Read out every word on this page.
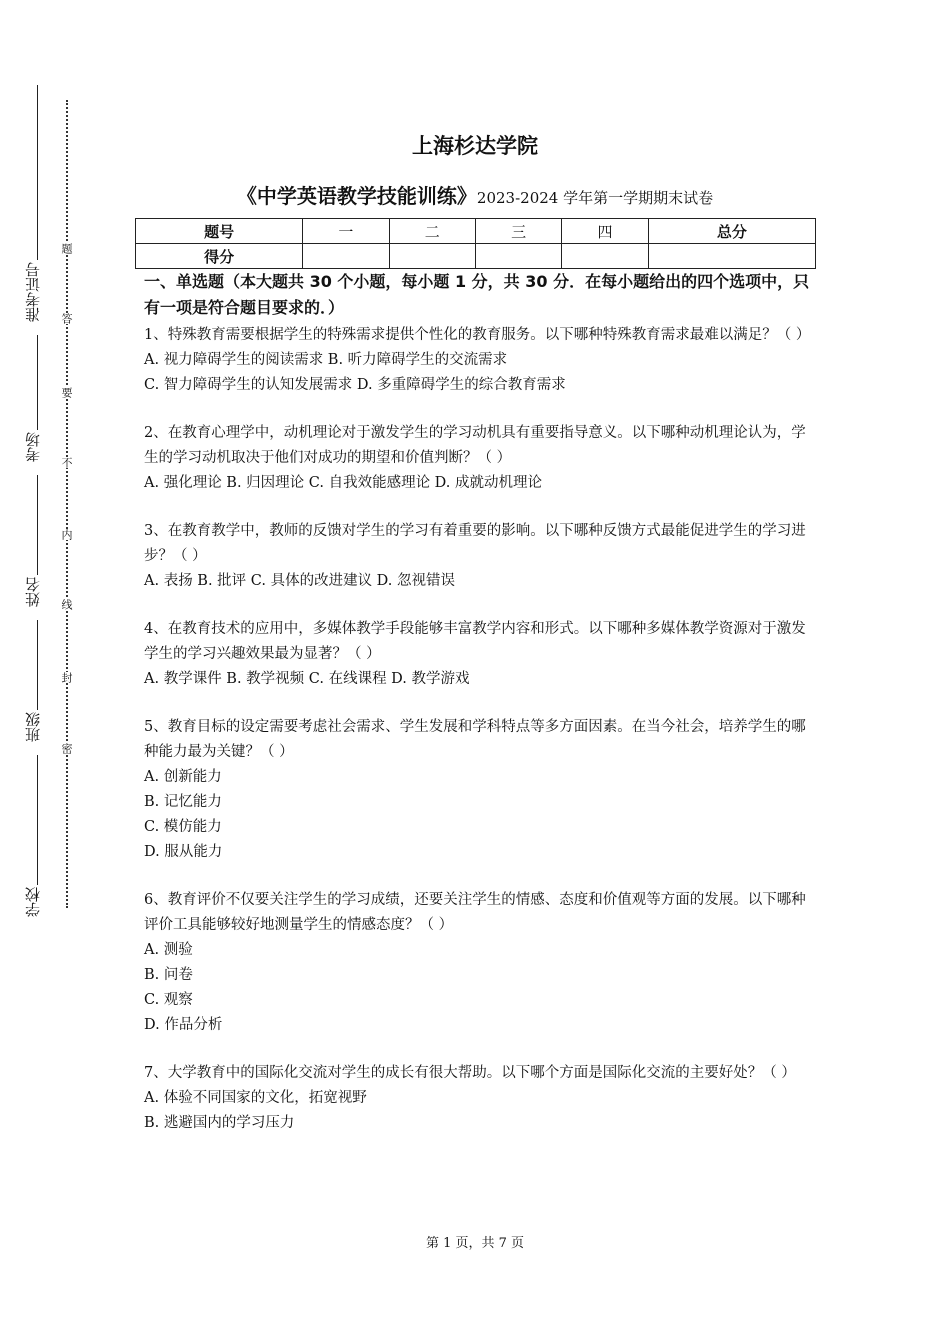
准考证号
考场
姓名
班级
学校
题
答
要
不
内
线
封
密
上海杉达学院
《中学英语教学技能训练》2023-2024 学年第一学期期末试卷
题号	一	二	三	四	总分
得分					
一、单选题（本大题共 30 个小题，每小题 1 分，共 30 分．在每小题给出的四个选项中，只有一项是符合题目要求的．）
1、特殊教育需要根据学生的特殊需求提供个性化的教育服务。以下哪种特殊教育需求最难以满足？（ ）
A. 视力障碍学生的阅读需求 B. 听力障碍学生的交流需求
C. 智力障碍学生的认知发展需求 D. 多重障碍学生的综合教育需求
2、在教育心理学中，动机理论对于激发学生的学习动机具有重要指导意义。以下哪种动机理论认为，学生的学习动机取决于他们对成功的期望和价值判断？（ ）
A. 强化理论 B. 归因理论 C. 自我效能感理论 D. 成就动机理论
3、在教育教学中，教师的反馈对学生的学习有着重要的影响。以下哪种反馈方式最能促进学生的学习进步？（ ）
A. 表扬 B. 批评 C. 具体的改进建议 D. 忽视错误
4、在教育技术的应用中，多媒体教学手段能够丰富教学内容和形式。以下哪种多媒体教学资源对于激发学生的学习兴趣效果最为显著？（ ）
A. 教学课件 B. 教学视频 C. 在线课程 D. 教学游戏
5、教育目标的设定需要考虑社会需求、学生发展和学科特点等多方面因素。在当今社会，培养学生的哪种能力最为关键？（ ）
A. 创新能力
B. 记忆能力
C. 模仿能力
D. 服从能力
6、教育评价不仅要关注学生的学习成绩，还要关注学生的情感、态度和价值观等方面的发展。以下哪种评价工具能够较好地测量学生的情感态度？（ ）
A. 测验
B. 问卷
C. 观察
D. 作品分析
7、大学教育中的国际化交流对学生的成长有很大帮助。以下哪个方面是国际化交流的主要好处？（ ）
A. 体验不同国家的文化，拓宽视野
B. 逃避国内的学习压力
第 1 页，共 7 页
